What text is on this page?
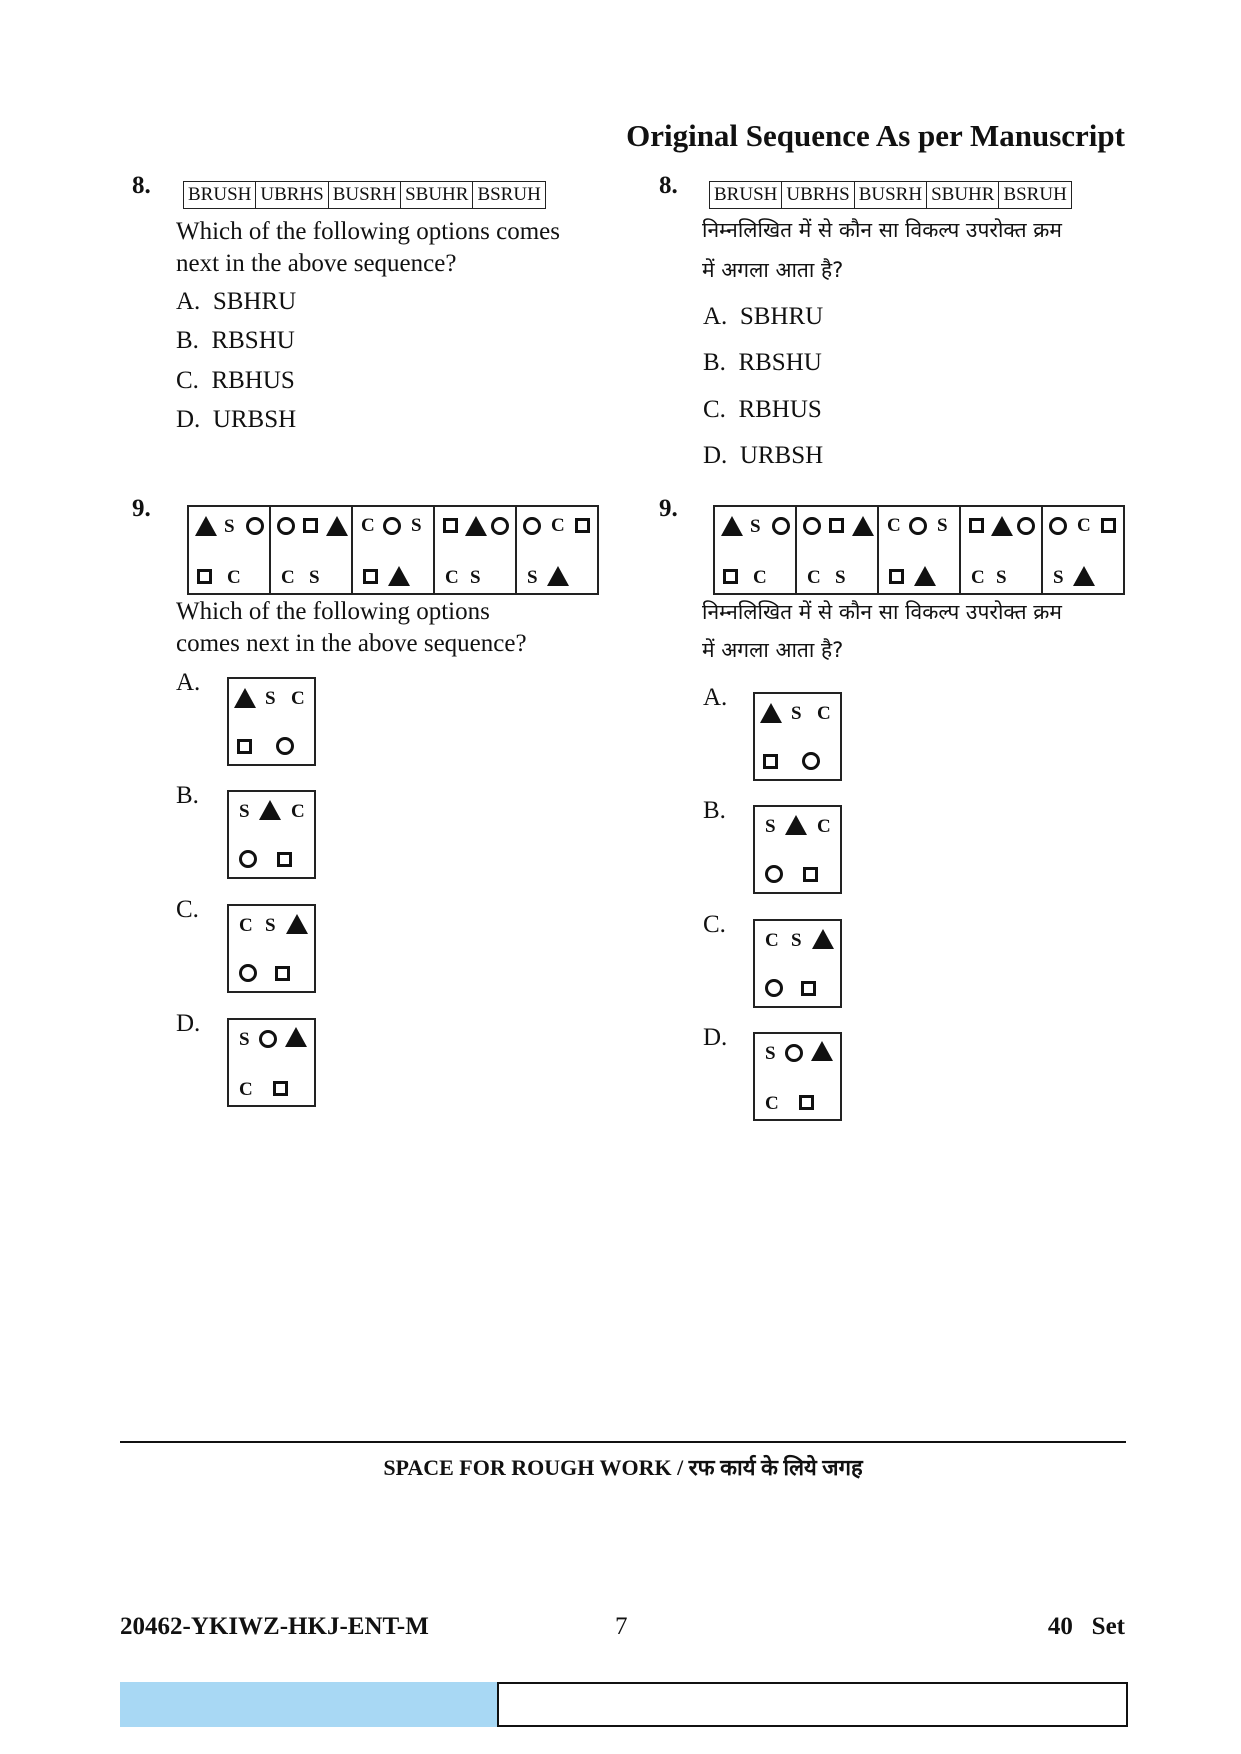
Original Sequence As per Manuscript
8. BRUSH UBRHS BUSRH SBUHR BSRUH
Which of the following options comes
next in the above sequence?
A. SBHRU
B. RBSHU
C. RBHUS
D. URBSH
9.
S
C C S
C S
C S
C
S
Which of the following options
comes next in the above sequence?
A.
S C
B.
S C
C.
C S
D.
S
C
8. BRUSH UBRHS BUSRH SBUHR BSRUH
निम्नलिखित में से कौन सा विकल्प उपरोक्त क्रम
में अगला आता है?
A. SBHRU
B. RBSHU
C. RBHUS
D. URBSH
9.
S
C C S
C S
C S
C
S
निम्नलिखित में से कौन सा विकल्प उपरोक्त क्रम
में अगला आता है?
A.
S C
B.
S C
C.
C S
D.
S
C
SPACE FOR ROUGH WORK / रफ कार्य के लिये जगह
20462-YKIWZ-HKJ-ENT-M	7	40   Set
